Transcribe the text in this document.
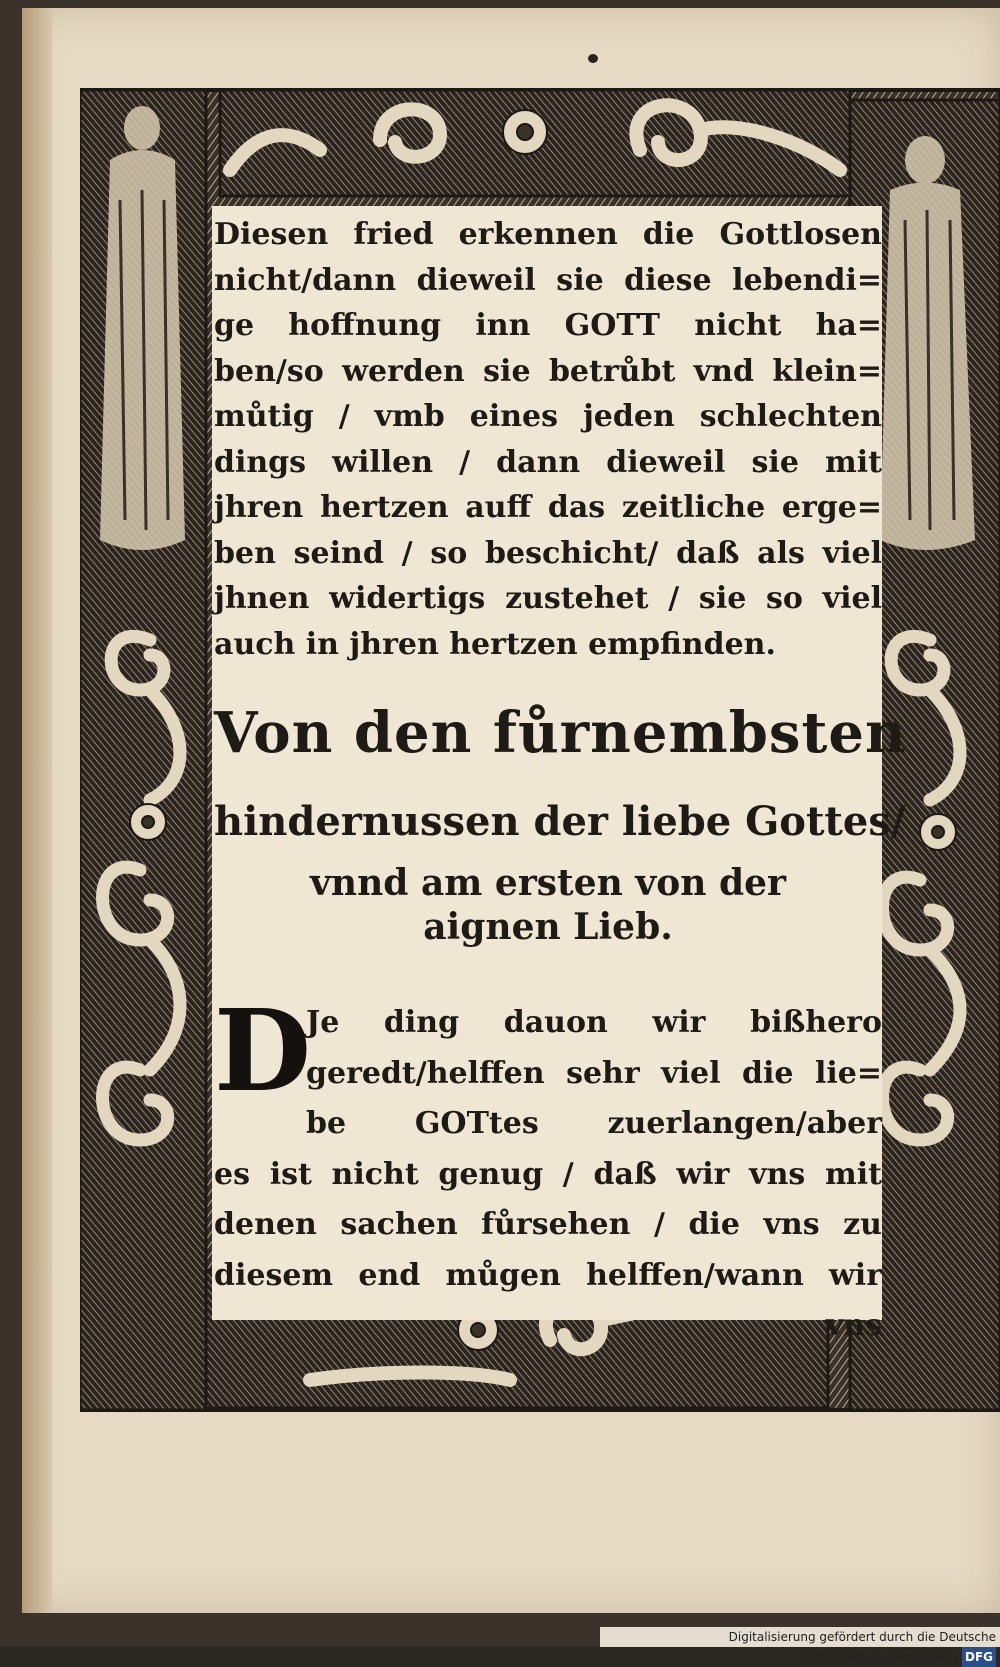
Diesen fried erkennen die Gottlosen
nicht/dann dieweil sie diese lebendi=
ge hoffnung inn GOTT nicht ha=
ben/so werden sie betrůbt vnd klein=
můtig / vmb eines jeden schlechten
dings willen / dann dieweil sie mit
jhren hertzen auff das zeitliche erge=
ben seind / so beschicht/ daß als viel
jhnen widertigs zustehet / sie so viel
auch in jhren hertzen empfinden.
Von den fůrnembsten
hindernussen der liebe Gottes/
vnnd am ersten von der
aignen Lieb.
D
Je ding dauon wir bißhero
geredt/helffen sehr viel die lie=
be GOTtes zuerlangen/aber
es ist nicht genug / daß wir vns mit
denen sachen fůrsehen / die vns zu
diesem end můgen helffen/wann wir
vns
Digitalisierung gefördert durch die Deutsche Forschungsgemeinschaft - DFG
